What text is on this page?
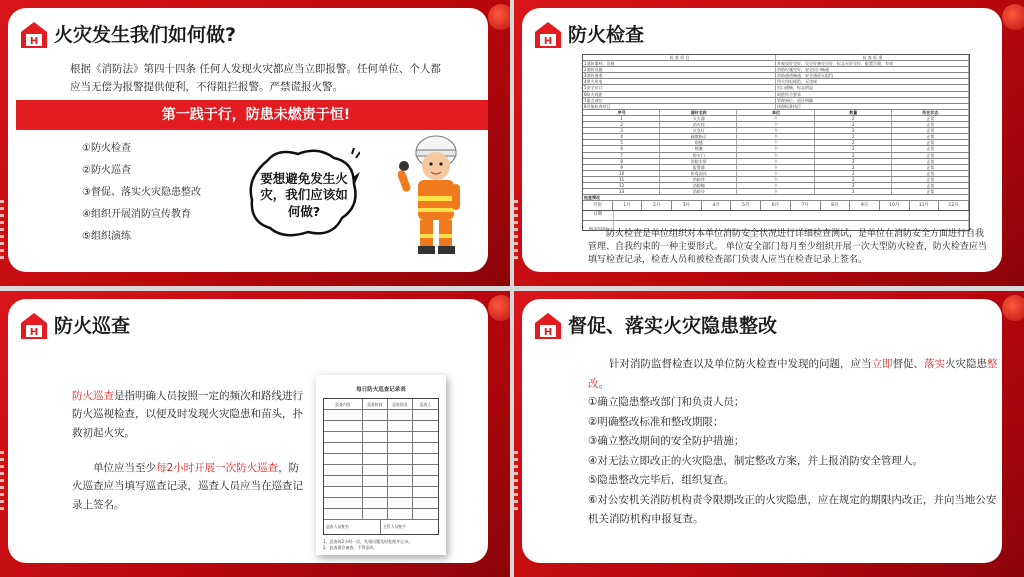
H 火灾发生我们如何做?
根据《消防法》第四十四条 任何人发现火灾都应当立即报警。任何单位、个人都应当无偿为报警提供便利，不得阻拦报警。严禁谎报火警。
第一践于行，防患未燃责于恒!
①防火检查
②防火巡查
③督促、落实火灾隐患整改
④组织开展消防宣传教育
⑤组织演练
要想避免发生火灾，我们应该如何做?
H 防火检查
检 查 项 目	检 查 标 准
1消防器材、设施	外观良好完好，完全好备完全好，标志无好完好，配置合理，有效
2消防设施	消防设施完好，安全出口畅通
3消防通道	消防通道畅通，安全通道无阻挡
4用火用电	用火用电规范，无违规
5安全出口	出口通畅，标志明显
6防火间距	间距符合要求
7重点部位	管理到位，责任明确
8其他检查项目	按照标准执行
序号	器材名称	单位	数量	所在状态
1	灭火器	个	2	正常
2	消火栓	个	2	正常
3	应急灯	个	2	正常
4	疏散指示	个	2	正常
5	烟感	个	2	正常
6	喷淋	个	2	正常
7	防火门	个	2	正常
8	消防水带	个	2	正常
9	报警器	个	2	正常
10	防毒面具	个	2	正常
11	消防斧	个	2	正常
12	消防桶	个	2	正常
13	消防沙	个	2	正常
检查情况
月份	1月	2月	3月	4月	5月	6月	7月	8月	9月	10月	11月	12月
日期
情况说明 防火检查是单位组织对本单位消防安全状况进行详细检查测试，是单位在消防安全方面进行自我管理、自我约束的一种主要形式。 单位安全部门每月至少组织开展一次大型防火检查，防火检查应当填写检查记录，检查人员和被检查部门负责人应当在检查记录上签名。
H 防火巡查
防火巡查是指明确人员按照一定的频次和路线进行防火巡视检查，以便及时发现火灾隐患和苗头，扑救初起火灾。
单位应当至少每2小时开展一次防火巡查，防火巡查应当填写巡查记录，巡查人员应当在巡查记录上签名。
每日防火巡查记录表
巡查内容	巡查时间	巡查情况	巡查人
巡查人员签名	主管人员签字
1、巡查每2小时一次，发现问题及时处理并记录。
2、此表保存备查，不得涂改。
H 督促、落实火灾隐患整改
针对消防监督检查以及单位防火检查中发现的问题，应当立即督促、落实火灾隐患整改。
①确立隐患整改部门和负责人员；
②明确整改标准和整改期限；
③确立整改期间的安全防护措施；
④对无法立即改正的火灾隐患，制定整改方案，并上报消防安全管理人。
⑤隐患整改完毕后，组织复查。
⑥对公安机关消防机构责令限期改正的火灾隐患，应在规定的期限内改正，并向当地公安机关消防机构申报复查。
